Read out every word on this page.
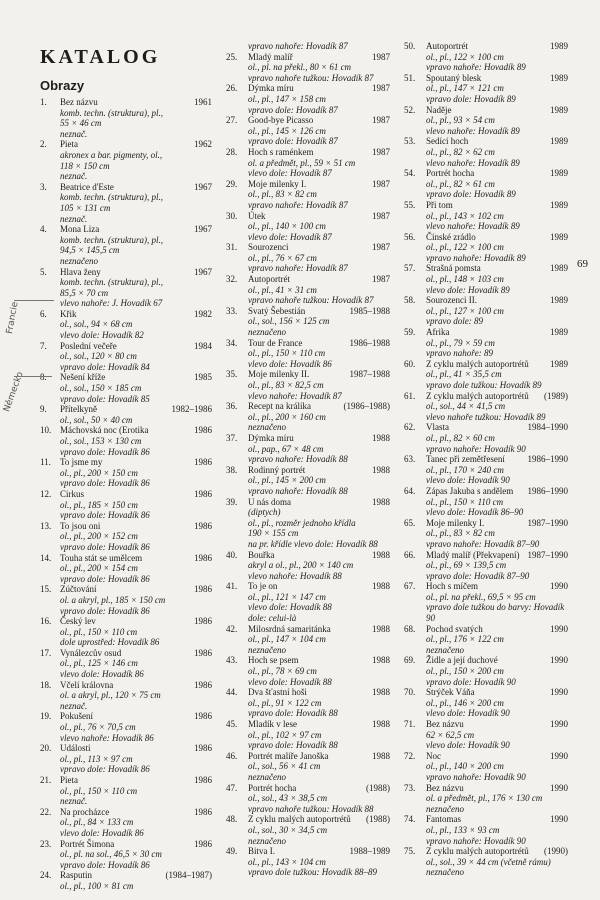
KATALOG
Obrazy
1. Bez názvu	1961
komb. techn. (struktura), pl.,
55 × 46 cm
neznač.
2. Pieta	1962
akronex a bar. pigmenty, ol.,
118 × 150 cm
neznač.
3. Beatrice d'Este	1967
komb. techn. (struktura), pl.,
105 × 131 cm
neznač.
4. Mona Liza	1967
komb. techn. (struktura), pl.,
94,5 × 145,5 cm
neznačeno
5. Hlava ženy	1967
komb. techn. (struktura), pl.,
85,5 × 70 cm
vlevo nahoře: J. Hovadík 67
6. Křik	1982
ol., sol., 94 × 68 cm
vlevo dole: Hovadík 82
7. Poslední večeře	1984
ol., sol., 120 × 80 cm
vpravo dole: Hovadík 84
8. Nešení kříže	1985
ol., sol., 150 × 185 cm
vpravo dole: Hovadík 85
9. Přítelkyně	1982–1986
ol., sol., 50 × 40 cm
10. Máchovská noc (Erotika	1986
ol., sol., 153 × 130 cm
vpravo dole: Hovadík 86
11. To jsme my	1986
ol., pl., 200 × 150 cm
vpravo dole: Hovadík 86
12. Cirkus	1986
ol., pl., 185 × 150 cm
vpravo dole: Hovadík 86
13. To jsou oni	1986
ol., pl., 200 × 152 cm
vpravo dole: Hovadík 86
14. Touha stát se umělcem	1986
ol., pl., 200 × 154 cm
vpravo dole: Hovadík 86
15. Zúčtování	1986
ol. a akryl, pl., 185 × 150 cm
vpravo dole: Hovadík 86
16. Český lev	1986
ol., pl., 150 × 110 cm
dole uprostřed: Hovadík 86
17. Vynálezcův osud	1986
ol., pl., 125 × 146 cm
vlevo dole: Hovadík 86
18. Včelí královna	1986
ol. a akryl, pl., 120 × 75 cm
neznač.
19. Pokušení	1986
ol., pl., 76 × 70,5 cm
vlevo nahoře: Hovadík 86
20. Události	1986
ol., pl., 113 × 97 cm
vpravo dole: Hovadík 86
21. Pieta	1986
ol., pl., 150 × 110 cm
neznač.
22. Na procházce	1986
ol., pl., 84 × 133 cm
vlevo dole: Hovadík 86
23. Portrét Šimona	1986
ol., pl. na sol., 46,5 × 30 cm
vpravo dole: Hovadík 86
24. Rasputin	(1984–1987)
ol., pl., 100 × 81 cm
vpravo nahoře: Hovadík 87
25. Mladý malíř	1987
ol., pl. na překl., 80 × 61 cm
vpravo nahoře tužkou: Hovadík 87
26. Dýmka míru	1987
ol., pl., 147 × 158 cm
vpravo dole: Hovadík 87
27. Good-bye Picasso	1987
ol., pl., 145 × 126 cm
vpravo dole: Hovadík 87
28. Hoch s raménkem	1987
ol. a předmět, pl., 59 × 51 cm
vlevo dole: Hovadík 87
29. Moje milenky I.	1987
ol., pl., 83 × 82 cm
vpravo nahoře: Hovadík 87
30. Útek	1987
ol., pl., 140 × 100 cm
vlevo dole: Hovadík 87
31. Sourozenci	1987
ol., pl., 76 × 67 cm
vpravo nahoře: Hovadík 87
32. Autoportrét	1987
ol., pl., 41 × 31 cm
vpravo nahoře tužkou: Hovadík 87
33. Svatý Šebestián	1985–1988
ol., sol., 156 × 125 cm
neznačeno
34. Tour de France	1986–1988
ol., pl., 150 × 110 cm
vlevo dole: Hovadík 86
35. Moje milenky II.	1987–1988
ol., pl., 83 × 82,5 cm
vlevo nahoře: Hovadík 87
36. Recept na králíka	(1986–1988)
ol., pl., 200 × 160 cm
neznačeno
37. Dýmka míru	1988
ol., pap., 67 × 48 cm
vpravo nahoře: Hovadík 88
38. Rodinný portrét	1988
ol., pl., 145 × 200 cm
vpravo nahoře: Hovadík 88
39. U nás doma	1988
(diptych)
ol., pl., rozměr jednoho křídla
190 × 155 cm
na pr. křídle vlevo dole: Hovadík 88
40. Bouřka	1988
akryl a ol., pl., 200 × 140 cm
vlevo nahoře: Hovadík 88
41. To je on	1988
ol., pl., 121 × 147 cm
vlevo dole: Hovadík 88
dole: celui-là
42. Milosrdná samaritánka	1988
ol., pl., 147 × 104 cm
neznačeno
43. Hoch se psem	1988
ol., pl., 78 × 69 cm
vlevo dole: Hovadík 88
44. Dva šťastní hoši	1988
ol., pl., 91 × 122 cm
vpravo dole: Hovadík 88
45. Mladík v lese	1988
ol., pl., 102 × 97 cm
vpravo dole: Hovadík 88
46. Portrét malíře Janoška	1988
ol., sol., 56 × 41 cm
neznačeno
47. Portrét hocha	(1988)
ol., sol., 43 × 38,5 cm
vpravo nahoře tužkou: Hovadík 88
48. Z cyklu malých autoportrétů	(1988)
ol., sol., 30 × 34,5 cm
neznačeno
49. Bitva I.	1988–1989
ol., pl., 143 × 104 cm
vpravo dole tužkou: Hovadík 88–89
50. Autoportrét	1989
ol., pl., 122 × 100 cm
vpravo nahoře: Hovadík 89
51. Spoutaný blesk	1989
ol., pl., 147 × 121 cm
vpravo dole: Hovadík 89
52. Naděje	1989
ol., pl., 93 × 54 cm
vlevo nahoře: Hovadík 89
53. Sedící hoch	1989
ol., pl., 82 × 62 cm
vlevo nahoře: Hovadík 89
54. Portrét hocha	1989
ol., pl., 82 × 61 cm
vpravo dole: Hovadík 89
55. Při tom	1989
ol., pl., 143 × 102 cm
vlevo nahoře: Hovadík 89
56. Čínské zrádlo	1989
ol., pl., 122 × 100 cm
vpravo nahoře: Hovadík 89
57. Strašná pomsta	1989
ol., pl., 148 × 103 cm
vlevo dole: Hovadík 89
58. Sourozenci II.	1989
ol., pl., 127 × 100 cm
vpravo dole: 89
59. Afrika	1989
ol., pl., 79 × 59 cm
vpravo nahoře: 89
60. Z cyklu malých autoportrétů	1989
ol., pl., 41 × 35,5 cm
vpravo dole tužkou: Hovadík 89
61. Z cyklu malých autoportrétů	(1989)
ol., sol., 44 × 41,5 cm
vlevo nahoře tužkou: Hovadík 89
62. Vlasta	1984–1990
ol., pl., 82 × 60 cm
vpravo nahoře: Hovadík 90
63. Tanec při zemětřesení	1986–1990
ol., pl., 170 × 240 cm
vlevo dole: Hovadík 90
64. Zápas Jakuba s andělem	1986–1990
ol., pl., 150 × 110 cm
vlevo dole: Hovadík 86–90
65. Moje milenky I.	1987–1990
ol., pl., 83 × 82 cm
vpravo nahoře: Hovadík 87–90
66. Mladý malíř (Překvapení) 1987–1990
ol., pl., 69 × 139,5 cm
vpravo dole: Hovadík 87–90
67. Hoch s míčem	1990
ol., pl. na překl., 69,5 × 95 cm
vpravo dole tužkou do barvy: Hovadík 90
68. Pochod svatých	1990
ol., pl., 176 × 122 cm
neznačeno
69. Židle a její duchové	1990
ol., pl., 150 × 200 cm
vpravo dole: Hovadík 90
70. Strýček Váňa	1990
ol., pl., 146 × 200 cm
vlevo dole: Hovadík 90
71. Bez názvu	1990
62 × 62,5 cm
vlevo dole: Hovadík 90
72. Noc	1990
ol., pl., 140 × 200 cm
vpravo nahoře: Hovadík 90
73. Bez názvu	1990
ol. a předmět, pl., 176 × 130 cm
neznačeno
74. Fantomas	1990
ol., pl., 133 × 93 cm
vpravo nahoře: Hovadík 90
75. Z cyklu malých autoportrétů	(1990)
ol., sol., 39 × 44 cm (včetně rámu)
neznačeno
69
Francie
Německo
